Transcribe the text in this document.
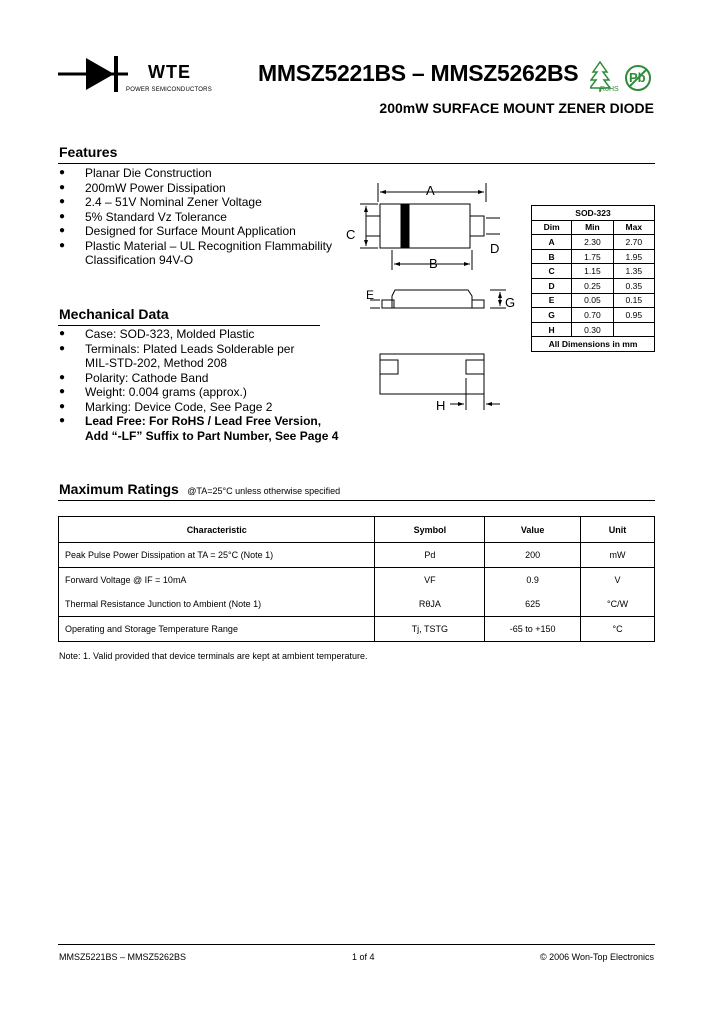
WTE
POWER SEMICONDUCTORS
MMSZ5221BS – MMSZ5262BS
RoHS
Pb
200mW SURFACE MOUNT ZENER DIODE
Features
● Planar Die Construction
● 200mW Power Dissipation
● 2.4 – 51V Nominal Zener Voltage
● 5% Standard Vz Tolerance
● Designed for Surface Mount Application
● Plastic Material – UL Recognition Flammability
Classification 94V-O
Mechanical Data
● Case: SOD-323, Molded Plastic
● Terminals: Plated Leads Solderable per
MIL-STD-202, Method 208
● Polarity: Cathode Band
● Weight: 0.004 grams (approx.)
● Marking: Device Code, See Page 2
● Lead Free: For RoHS / Lead Free Version,
Add “-LF” Suffix to Part Number, See Page 4
A
C
D
B
E	G
H
SOD-323		
Dim	Min	Max
A	2.30	2.70
B	1.75	1.95
C	1.15	1.35
D	0.25	0.35
E	0.05	0.15
G	0.70	0.95
H	0.30	
All Dimensions in mm		
Maximum Ratings @TA=25°C unless otherwise specified
Characteristic	Symbol	Value	Unit
Peak Pulse Power Dissipation at TA = 25°C (Note 1)	Pd	200	mW
Forward Voltage @ IF = 10mA	VF	0.9	V
Thermal Resistance Junction to Ambient (Note 1)	RθJA	625	°C/W
Operating and Storage Temperature Range	Tj, TSTG	-65 to +150	°C
Note: 1. Valid provided that device terminals are kept at ambient temperature.
MMSZ5221BS – MMSZ5262BS	1 of 4	© 2006 Won-Top Electronics
